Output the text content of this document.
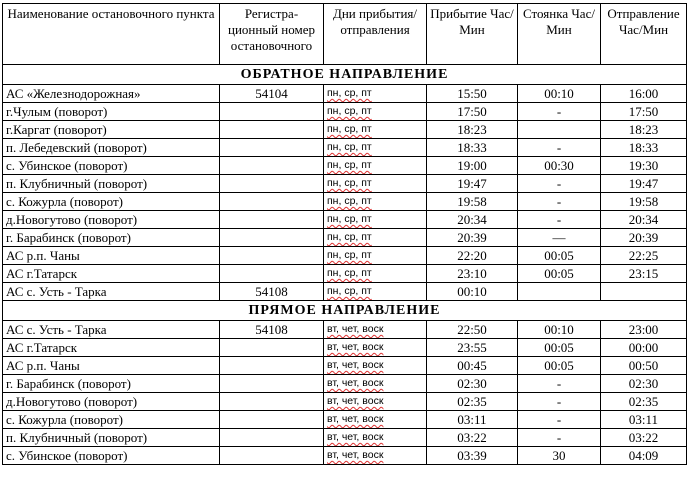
Наименование остановочного пункта	Регистра-ционный номер остановочного	Дни прибытия/ отправления	Прибытие Час/Мин	Стоянка Час/Мин	Отправление Час/Мин
ОБРАТНОЕ НАПРАВЛЕНИЕ					
АС «Железнодорожная»	54104	пн, ср, пт	15:50	00:10	16:00
г.Чулым (поворот)		пн, ср, пт	17:50	-	17:50
г.Каргат (поворот)		пн, ср, пт	18:23		18:23
п. Лебедевский (поворот)		пн, ср, пт	18:33	-	18:33
с. Убинское (поворот)		пн, ср, пт	19:00	00:30	19:30
п. Клубничный (поворот)		пн, ср, пт	19:47	-	19:47
с. Кожурла (поворот)		пн, ср, пт	19:58	-	19:58
д.Новогутово (поворот)		пн, ср, пт	20:34	-	20:34
г. Барабинск (поворот)		пн, ср, пт	20:39	—	20:39
АС р.п. Чаны		пн, ср, пт	22:20	00:05	22:25
АС г.Татарск		пн, ср, пт	23:10	00:05	23:15
АС с. Усть - Тарка	54108	пн, ср, пт	00:10		
ПРЯМОЕ НАПРАВЛЕНИЕ					
АС с. Усть - Тарка	54108	вт, чет, воск	22:50	00:10	23:00
АС г.Татарск		вт, чет, воск	23:55	00:05	00:00
АС р.п. Чаны		вт, чет, воск	00:45	00:05	00:50
г. Барабинск (поворот)		вт, чет, воск	02:30	-	02:30
д.Новогутово (поворот)		вт, чет, воск	02:35	-	02:35
с. Кожурла (поворот)		вт, чет, воск	03:11	-	03:11
п. Клубничный (поворот)		вт, чет, воск	03:22	-	03:22
с. Убинское (поворот)		вт, чет, воск	03:39	30	04:09
